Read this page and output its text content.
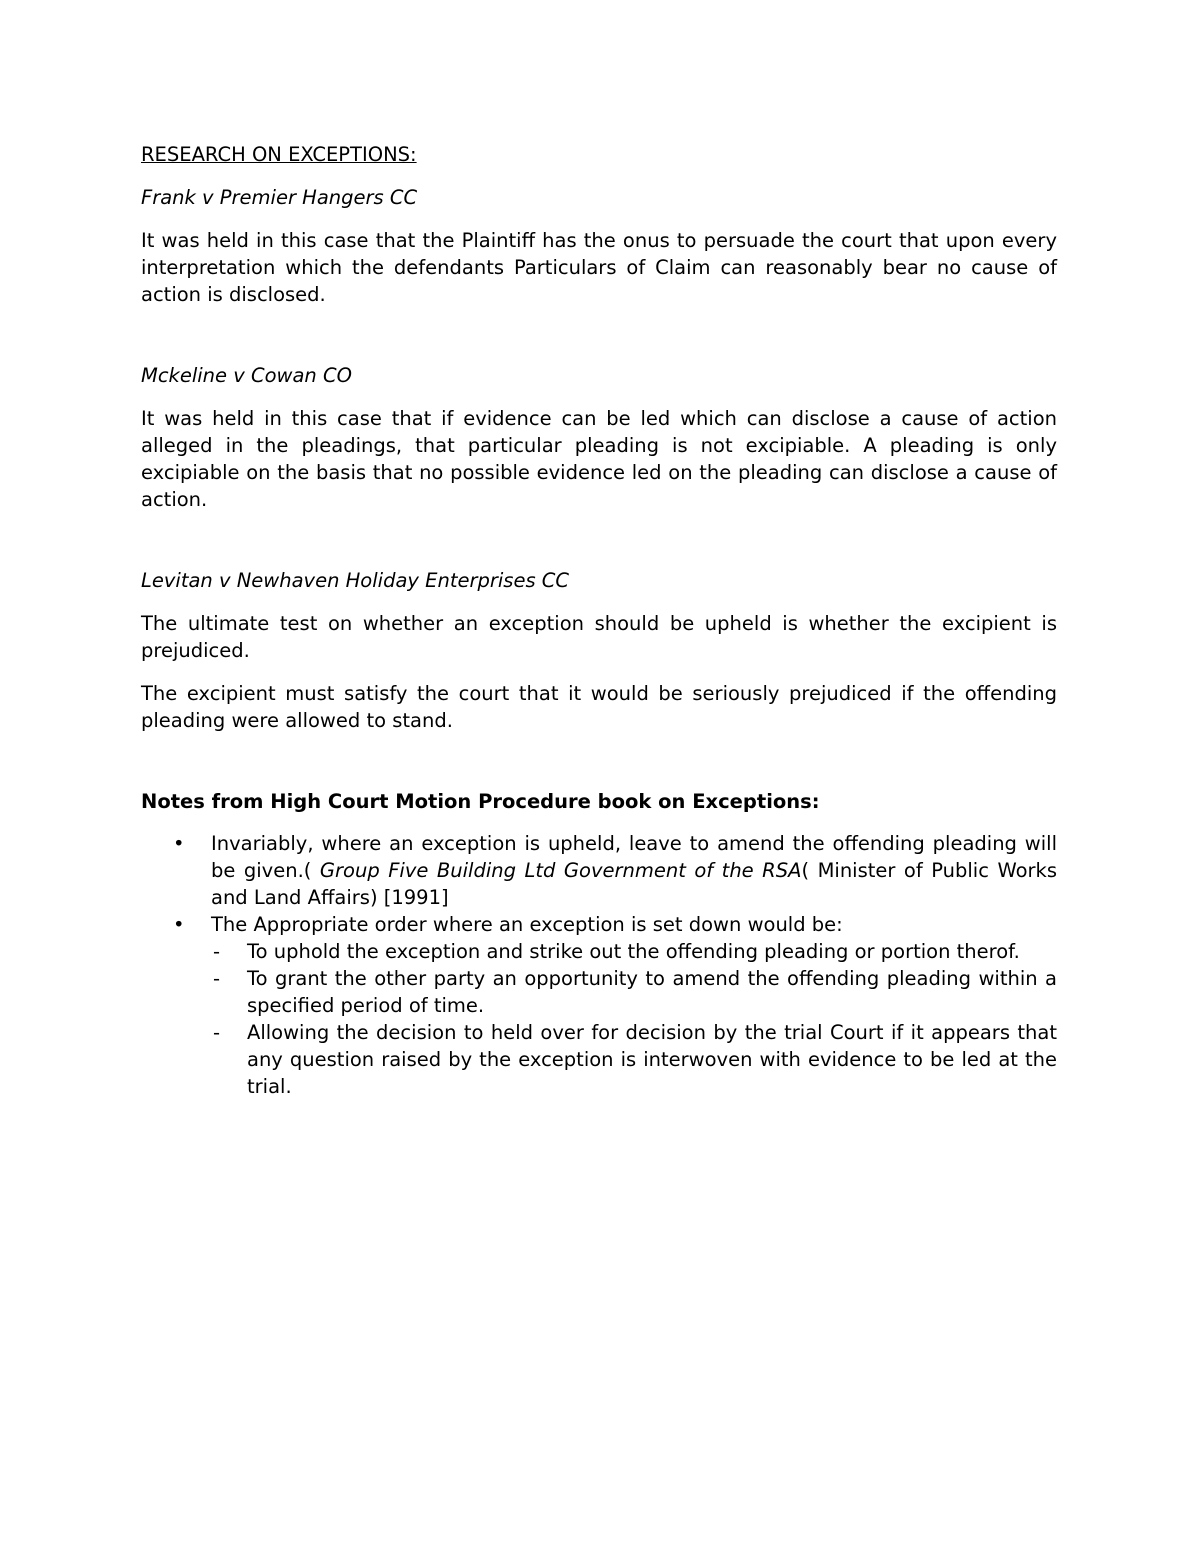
RESEARCH ON EXCEPTIONS:
Frank v Premier Hangers CC

It was held in this case that the Plaintiff has the onus to persuade the court that upon every interpretation which the defendants Particulars of Claim can reasonably bear no cause of action is disclosed.

Mckeline v Cowan CO

It was held in this case that if evidence can be led which can disclose a cause of action alleged in the pleadings, that particular pleading is not excipiable. A pleading is only excipiable on the basis that no possible evidence led on the pleading can disclose a cause of action.

Levitan v Newhaven Holiday Enterprises CC

The ultimate test on whether an exception should be upheld is whether the excipient is prejudiced.

The excipient must satisfy the court that it would be seriously prejudiced if the offending pleading were allowed to stand.

Notes from High Court Motion Procedure book on Exceptions:
• Invariably, where an exception is upheld, leave to amend the offending pleading will be given.( Group Five Building Ltd Government of the RSA( Minister of Public Works and Land Affairs) [1991]
• The Appropriate order where an exception is set down would be:
- To uphold the exception and strike out the offending pleading or portion therof.
- To grant the other party an opportunity to amend the offending pleading within a specified period of time.
- Allowing the decision to held over for decision by the trial Court if it appears that any question raised by the exception is interwoven with evidence to be led at the trial.
